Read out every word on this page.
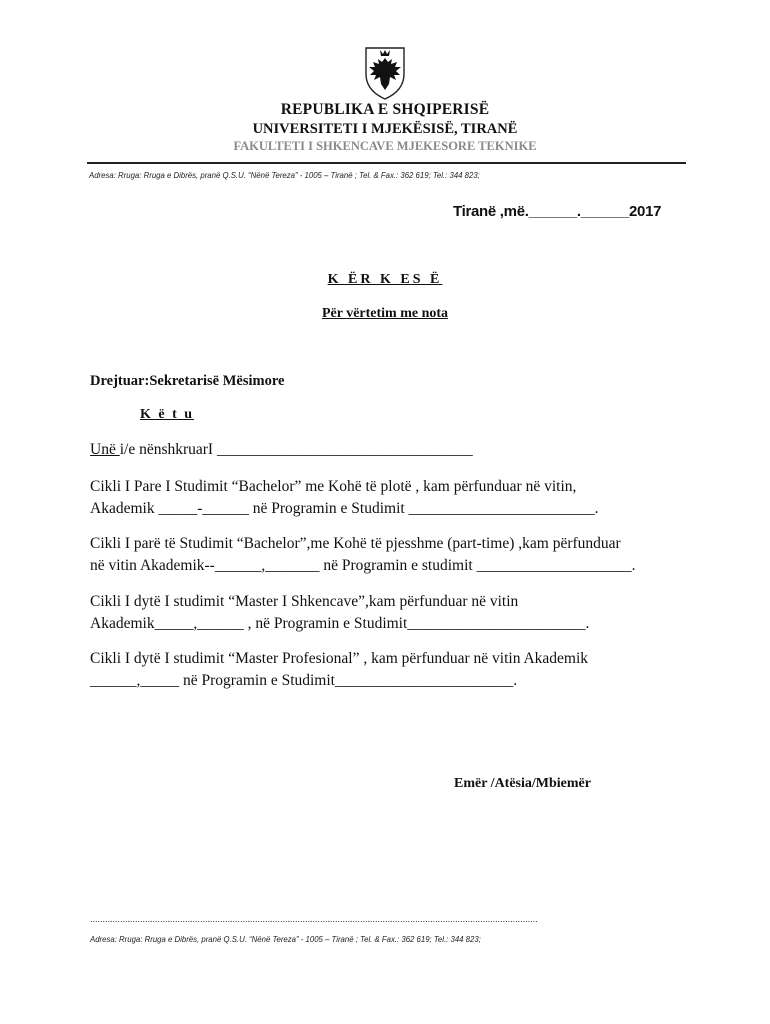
REPUBLIKA E SHQIPERISË
UNIVERSITETI I MJEKËSISË, TIRANË
FAKULTETI I SHKENCAVE MJEKESORE TEKNIKE
Adresa: Rruga: Rruga e Dibrës, pranë Q.S.U. “Nënë Tereza” - 1005 – Tiranë ; Tel. & Fax.: 362 619; Tel.: 344 823;
Tiranë ,më.______.______2017
K ËR K ES Ë
Për vërtetim me nota
Drejtuar:Sekretarisë Mësimore
K ë t u
Unë i/e nënshkruarI _________________________________
Cikli I Pare I Studimit “Bachelor” me Kohë të plotë , kam përfunduar në vitin,
Akademik _____-______ në Programin e Studimit ________________________.
Cikli I parë të Studimit “Bachelor”,me Kohë të pjesshme (part-time) ,kam përfunduar
në vitin Akademik--______,_______ në Programin e studimit ____________________.
Cikli I dytë I studimit “Master I Shkencave”,kam përfunduar në vitin
Akademik_____,______ , në Programin e Studimit_______________________.
Cikli I dytë I studimit “Master Profesional” , kam përfunduar në vitin Akademik
______,_____ në Programin e Studimit_______________________.
Emër /Atësia/Mbiemër
...................................................................................................................................................................................
Adresa: Rruga: Rruga e Dibrës, pranë Q.S.U. “Nënë Tereza” - 1005 – Tiranë ; Tel. & Fax.: 362 619; Tel.: 344 823;
